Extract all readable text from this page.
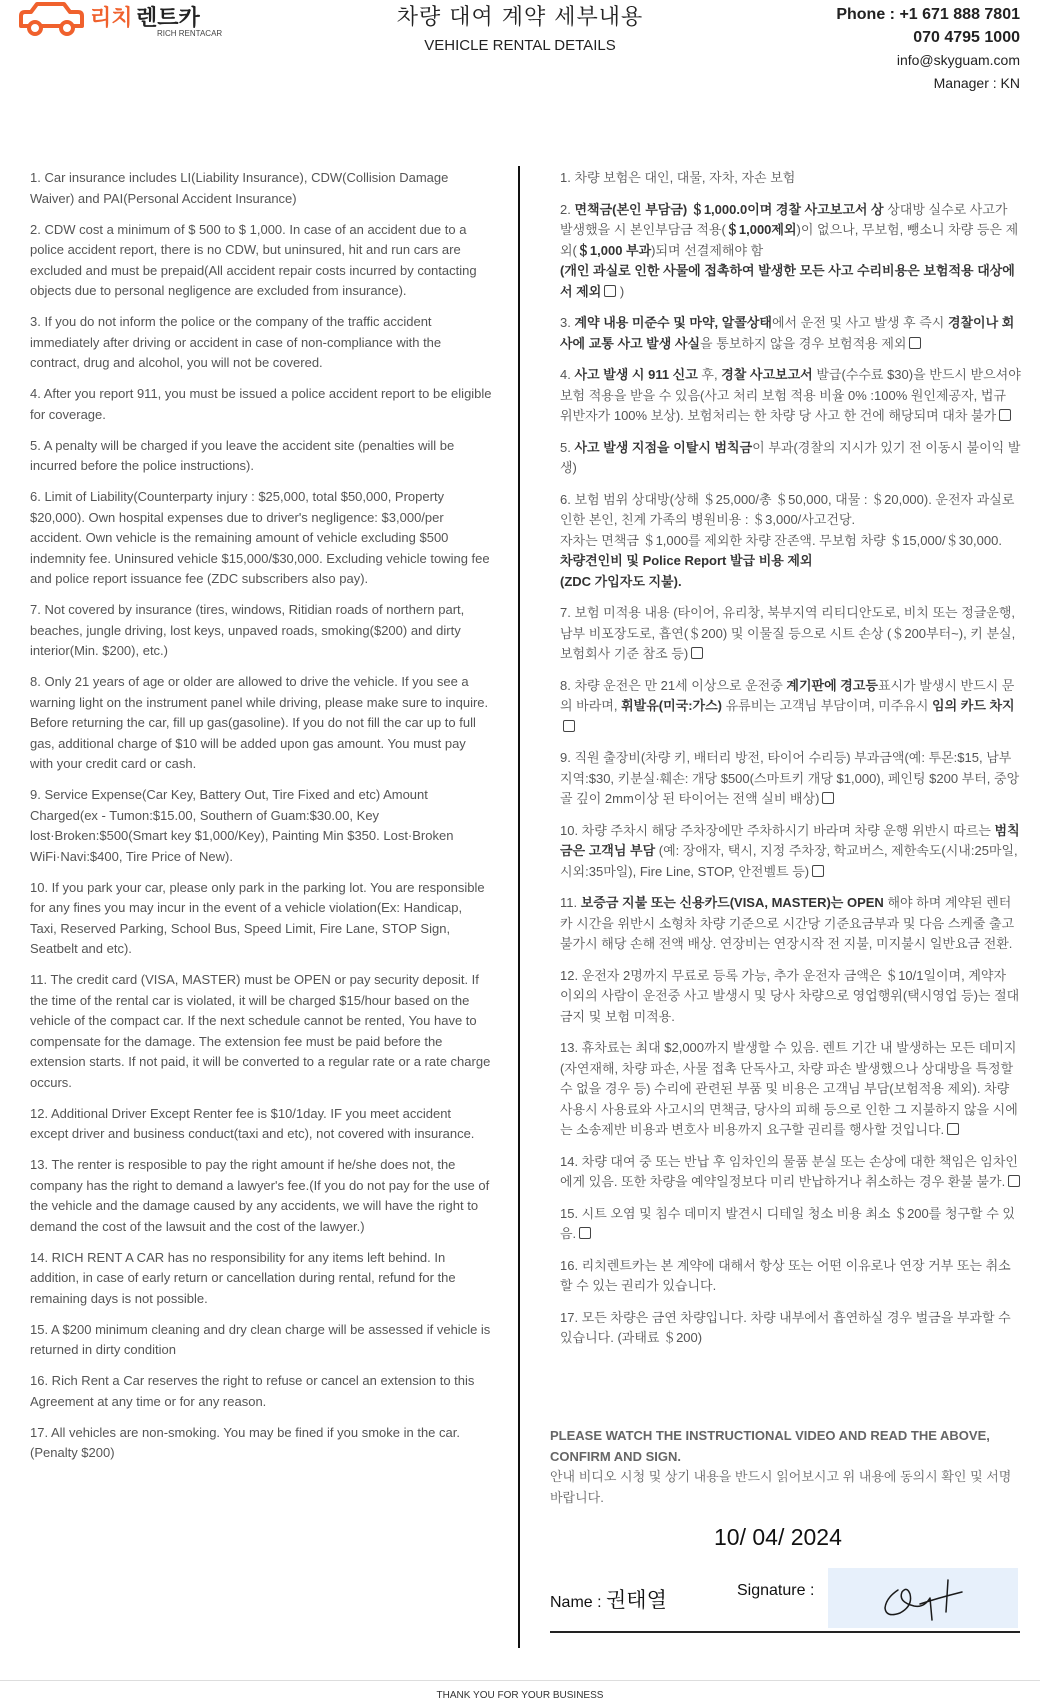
리치 렌트카
RICH RENTACAR
차량 대여 계약 세부내용
VEHICLE RENTAL DETAILS
Phone : +1 671 888 7801
070 4795 1000
info@skyguam.com
Manager : KN

1. Car insurance includes LI(Liability Insurance), CDW(Collision Damage Waiver) and PAI(Personal Accident Insurance)

2. CDW cost a minimum of $ 500 to $ 1,000. In case of an accident due to a police accident report, there is no CDW, but uninsured, hit and run cars are excluded and must be prepaid(All accident repair costs incurred by contacting objects due to personal negligence are excluded from insurance).

3. If you do not inform the police or the company of the traffic accident immediately after driving or accident in case of non-compliance with the contract, drug and alcohol, you will not be covered.

4. After you report 911, you must be issued a police accident report to be eligible for coverage.

5. A penalty will be charged if you leave the accident site (penalties will be incurred before the police instructions).

6. Limit of Liability(Counterparty injury : $25,000, total $50,000, Property $20,000). Own hospital expenses due to driver's negligence: $3,000/per accident. Own vehicle is the remaining amount of vehicle excluding $500 indemnity fee. Uninsured vehicle $15,000/$30,000. Excluding vehicle towing fee and police report issuance fee (ZDC subscribers also pay).

7. Not covered by insurance (tires, windows, Ritidian roads of northern part, beaches, jungle driving, lost keys, unpaved roads, smoking($200) and dirty interior(Min. $200), etc.)

8. Only 21 years of age or older are allowed to drive the vehicle. If you see a warning light on the instrument panel while driving, please make sure to inquire. Before returning the car, fill up gas(gasoline). If you do not fill the car up to full gas, additional charge of $10 will be added upon gas amount. You must pay with your credit card or cash.

9. Service Expense(Car Key, Battery Out, Tire Fixed and etc) Amount Charged(ex - Tumon:$15.00, Southern of Guam:$30.00, Key lost·Broken:$500(Smart key $1,000/Key), Painting Min $350. Lost·Broken WiFi·Navi:$400, Tire Price of New).

10. If you park your car, please only park in the parking lot. You are responsible for any fines you may incur in the event of a vehicle violation(Ex: Handicap, Taxi, Reserved Parking, School Bus, Speed Limit, Fire Lane, STOP Sign, Seatbelt and etc).

11. The credit card (VISA, MASTER) must be OPEN or pay security deposit. If the time of the rental car is violated, it will be charged $15/hour based on the vehicle of the compact car. If the next schedule cannot be rented, You have to compensate for the damage. The extension fee must be paid before the extension starts. If not paid, it will be converted to a regular rate or a rate charge occurs.

12. Additional Driver Except Renter fee is $10/1day. IF you meet accident except driver and business conduct(taxi and etc), not covered with insurance.

13. The renter is resposible to pay the right amount if he/she does not, the company has the right to demand a lawyer's fee.(If you do not pay for the use of the vehicle and the damage caused by any accidents, we will have the right to demand the cost of the lawsuit and the cost of the lawyer.)

14. RICH RENT A CAR has no responsibility for any items left behind. In addition, in case of early return or cancellation during rental, refund for the remaining days is not possible.

15. A $200 minimum cleaning and dry clean charge will be assessed if vehicle is returned in dirty condition

16. Rich Rent a Car reserves the right to refuse or cancel an extension to this Agreement at any time or for any reason.

17. All vehicles are non-smoking. You may be fined if you smoke in the car. (Penalty $200)

1. 차량 보험은 대인, 대물, 자차, 자손 보험

2. 면책금(본인 부담금) ＄1,000.0이며 경찰 사고보고서 상 상대방 실수로 사고가 발생했을 시 본인부담금 적용(＄1,000제외)이 없으나, 무보험, 뺑소니 차량 등은 제외(＄1,000 부과)되며 선결제해야 함
(개인 과실로 인한 사물에 접촉하여 발생한 모든 사고 수리비용은 보험적용 대상에서 제외 )

3. 계약 내용 미준수 및 마약, 알콜상태에서 운전 및 사고 발생 후 즉시 경찰이나 회사에 교통 사고 발생 사실을 통보하지 않을 경우 보험적용 제외

4. 사고 발생 시 911 신고 후, 경찰 사고보고서 발급(수수료 $30)을 반드시 받으셔야 보험 적용을 받을 수 있음(사고 처리 보험 적용 비율 0% :100% 원인제공자, 법규 위반자가 100% 보상). 보험처리는 한 차량 당 사고 한 건에 해당되며 대차 불가

5. 사고 발생 지점을 이탈시 범칙금이 부과(경찰의 지시가 있기 전 이동시 불이익 발생)

6. 보험 범위 상대방(상해 ＄25,000/총 ＄50,000, 대물 : ＄20,000). 운전자 과실로 인한 본인, 친계 가족의 병원비용 : ＄3,000/사고건당.
자차는 면책금 ＄1,000를 제외한 차량 잔존액. 무보험 차량 ＄15,000/＄30,000.
차량견인비 및 Police Report 발급 비용 제외
(ZDC 가입자도 지불).

7. 보험 미적용 내용 (타이어, 유리창, 북부지역 리티디안도로, 비치 또는 정글운행, 남부 비포장도로, 흡연(＄200) 및 이물질 등으로 시트 손상 (＄200부터~), 키 분실, 보험회사 기준 참조 등)

8. 차량 운전은 만 21세 이상으로 운전중 계기판에 경고등표시가 발생시 반드시 문의 바라며, 휘발유(미국:가스) 유류비는 고객님 부담이며, 미주유시 임의 카드 차지

9. 직원 출장비(차량 키, 배터리 방전, 타이어 수리등) 부과금액(예: 투몬:$15, 남부지역:$30, 키분실·훼손: 개당 $500(스마트키 개당 $1,000), 페인팅 $200 부터, 중앙 골 깊이 2mm이상 된 타이어는 전액 실비 배상)

10. 차량 주차시 해당 주차장에만 주차하시기 바라며 차량 운행 위반시 따르는 범칙금은 고객님 부담 (예: 장애자, 택시, 지정 주차장, 학교버스, 제한속도(시내:25마일, 시외:35마일), Fire Line, STOP, 안전벨트 등)

11. 보증금 지불 또는 신용카드(VISA, MASTER)는 OPEN 해야 하며 계약된 렌터카 시간을 위반시 소형차 차량 기준으로 시간당 기준요금부과 및 다음 스케줄 출고 불가시 해당 손해 전액 배상. 연장비는 연장시작 전 지불, 미지불시 일반요금 전환.

12. 운전자 2명까지 무료로 등록 가능, 추가 운전자 금액은 ＄10/1일이며, 계약자 이외의 사람이 운전중 사고 발생시 및 당사 차량으로 영업행위(택시영업 등)는 절대 금지 및 보험 미적용.

13. 휴차료는 최대 $2,000까지 발생할 수 있음. 렌트 기간 내 발생하는 모든 데미지(자연재해, 차량 파손, 사물 접촉 단독사고, 차량 파손 발생했으나 상대방을 특정할 수 없을 경우 등) 수리에 관련된 부품 및 비용은 고객님 부담(보험적용 제외). 차량 사용시 사용료와 사고시의 면책금, 당사의 피해 등으로 인한 그 지불하지 않을 시에는 소송제반 비용과 변호사 비용까지 요구할 권리를 행사할 것입니다.

14. 차량 대여 중 또는 반납 후 임차인의 물품 분실 또는 손상에 대한 책임은 임차인에게 있음. 또한 차량을 예약일정보다 미리 반납하거나 취소하는 경우 환불 불가.

15. 시트 오염 및 침수 데미지 발견시 디테일 청소 비용 최소 ＄200를 청구할 수 있음.

16. 리치렌트카는 본 계약에 대해서 항상 또는 어떤 이유로나 연장 거부 또는 취소할 수 있는 권리가 있습니다.

17. 모든 차량은 금연 차량입니다. 차량 내부에서 흡연하실 경우 벌금을 부과할 수 있습니다. (과태료 ＄200)

PLEASE WATCH THE INSTRUCTIONAL VIDEO AND READ THE ABOVE, CONFIRM AND SIGN.
안내 비디오 시청 및 상기 내용을 반드시 읽어보시고 위 내용에 동의시 확인 및 서명 바랍니다.
10/ 04/ 2024
Name : 권태열	Signature :
THANK YOU FOR YOUR BUSINESS
